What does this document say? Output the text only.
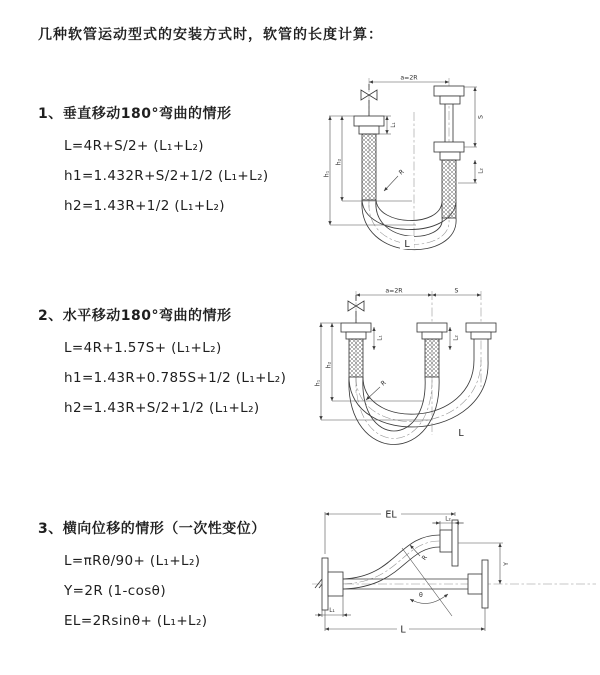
几种软管运动型式的安装方式时，软管的长度计算：
1、垂直移动180°弯曲的情形
L=4R+S/2+ (L₁+L₂)
h1=1.432R+S/2+1/2 (L₁+L₂)
h2=1.43R+1/2 (L₁+L₂)
a=2R
S
L₂
L₁
h₂
h₁	R
L
2、水平移动180°弯曲的情形
L=4R+1.57S+ (L₁+L₂)
h1=1.43R+0.785S+1/2 (L₁+L₂)
h2=1.43R+S/2+1/2 (L₁+L₂)
a=2R	S
h₂
h₁
L₁	L₂
R
L
3、横向位移的情形（一次性变位）
L=πRθ/90+ (L₁+L₂)
Y=2R (1-cosθ)
EL=2Rsinθ+ (L₁+L₂)
θ
R
EL	L₂
Y
L
L₁
